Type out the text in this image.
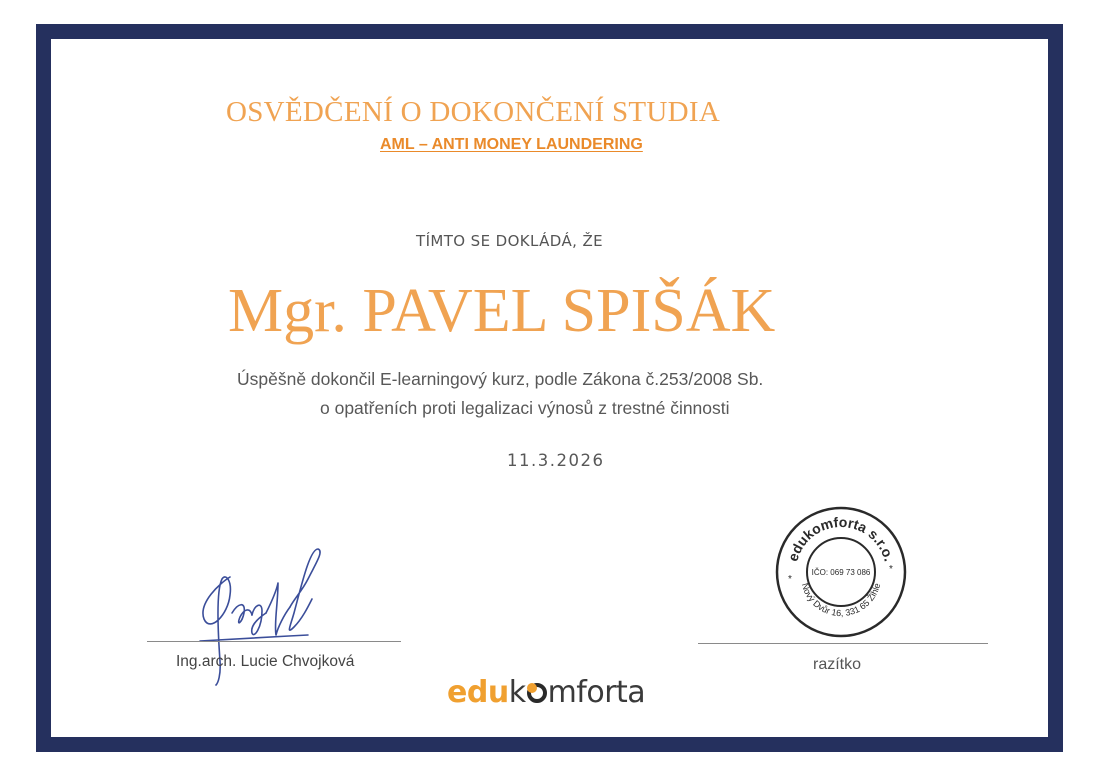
OSVĚDČENÍ O DOKONČENÍ STUDIA
AML – ANTI MONEY LAUNDERING
TÍMTO SE DOKLÁDÁ, ŽE
Mgr. PAVEL SPIŠÁK
Úspěšně dokončil E-learningový kurz, podle Zákona č.253/2008 Sb.
o opatřeních proti legalizaci výnosů z trestné činnosti
11.3.2026
edukomforta s.r.o.
Nový Dvůr 16, 331 65 Žihle
IČO: 069 73 086
*
*
Ing.arch. Lucie Chvojková	razítko
eduk mforta
